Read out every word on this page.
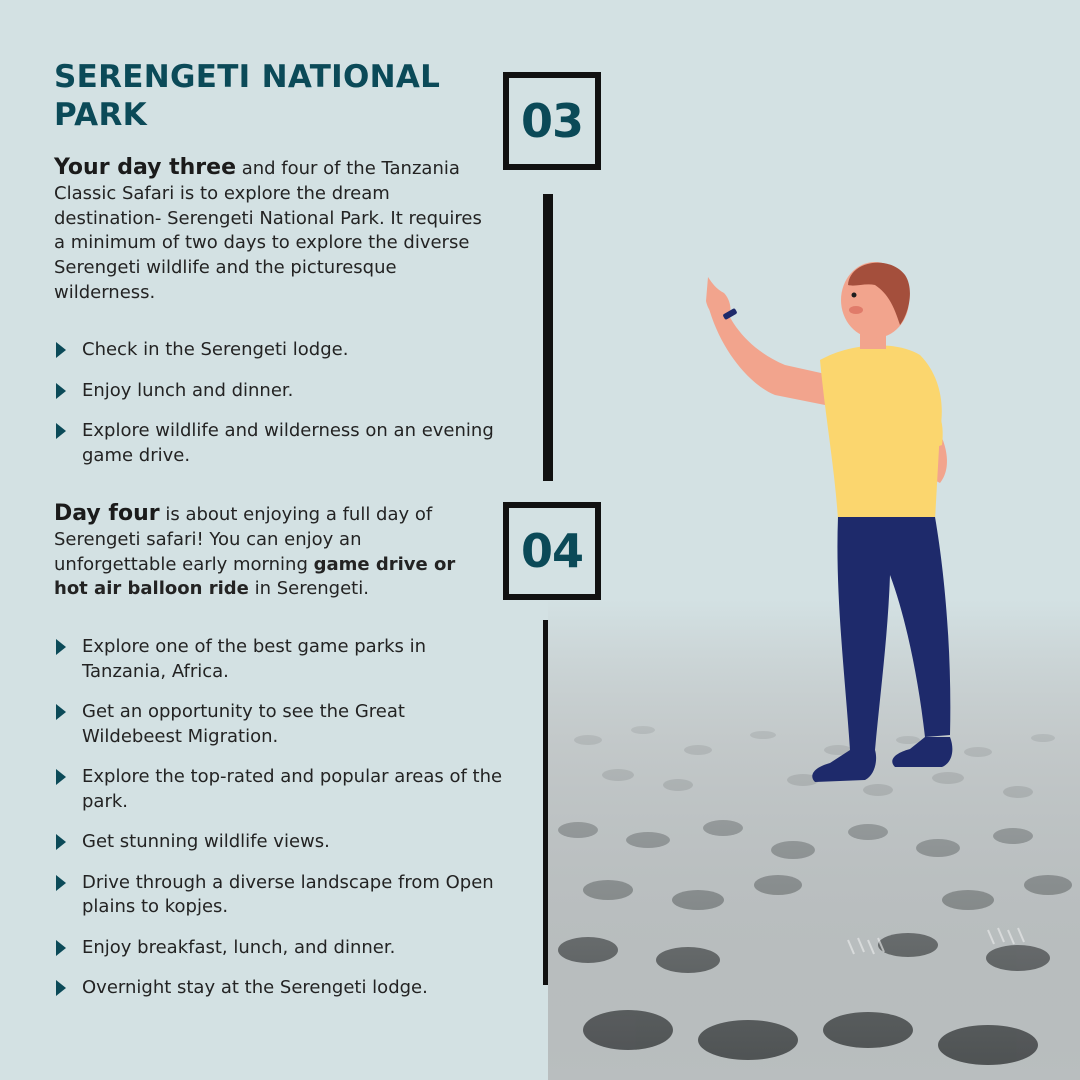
SERENGETI NATIONAL PARK	03

Your day three and four of the Tanzania Classic Safari is to explore the dream destination- Serengeti National Park. It requires a minimum of two days to explore the diverse Serengeti wildlife and the picturesque wilderness.

Check in the Serengeti lodge.
Enjoy lunch and dinner.
Explore wildlife and wilderness on an evening game drive.
04

Day four is about enjoying a full day of Serengeti safari! You can enjoy an unforgettable early morning game drive or hot air balloon ride in Serengeti.

Explore one of the best game parks in Tanzania, Africa.
Get an opportunity to see the Great Wildebeest Migration.
Explore the top-rated and popular areas of the park.
Get stunning wildlife views.
Drive through a diverse landscape from Open plains to kopjes.
Enjoy breakfast, lunch, and dinner.
Overnight stay at the Serengeti lodge.
